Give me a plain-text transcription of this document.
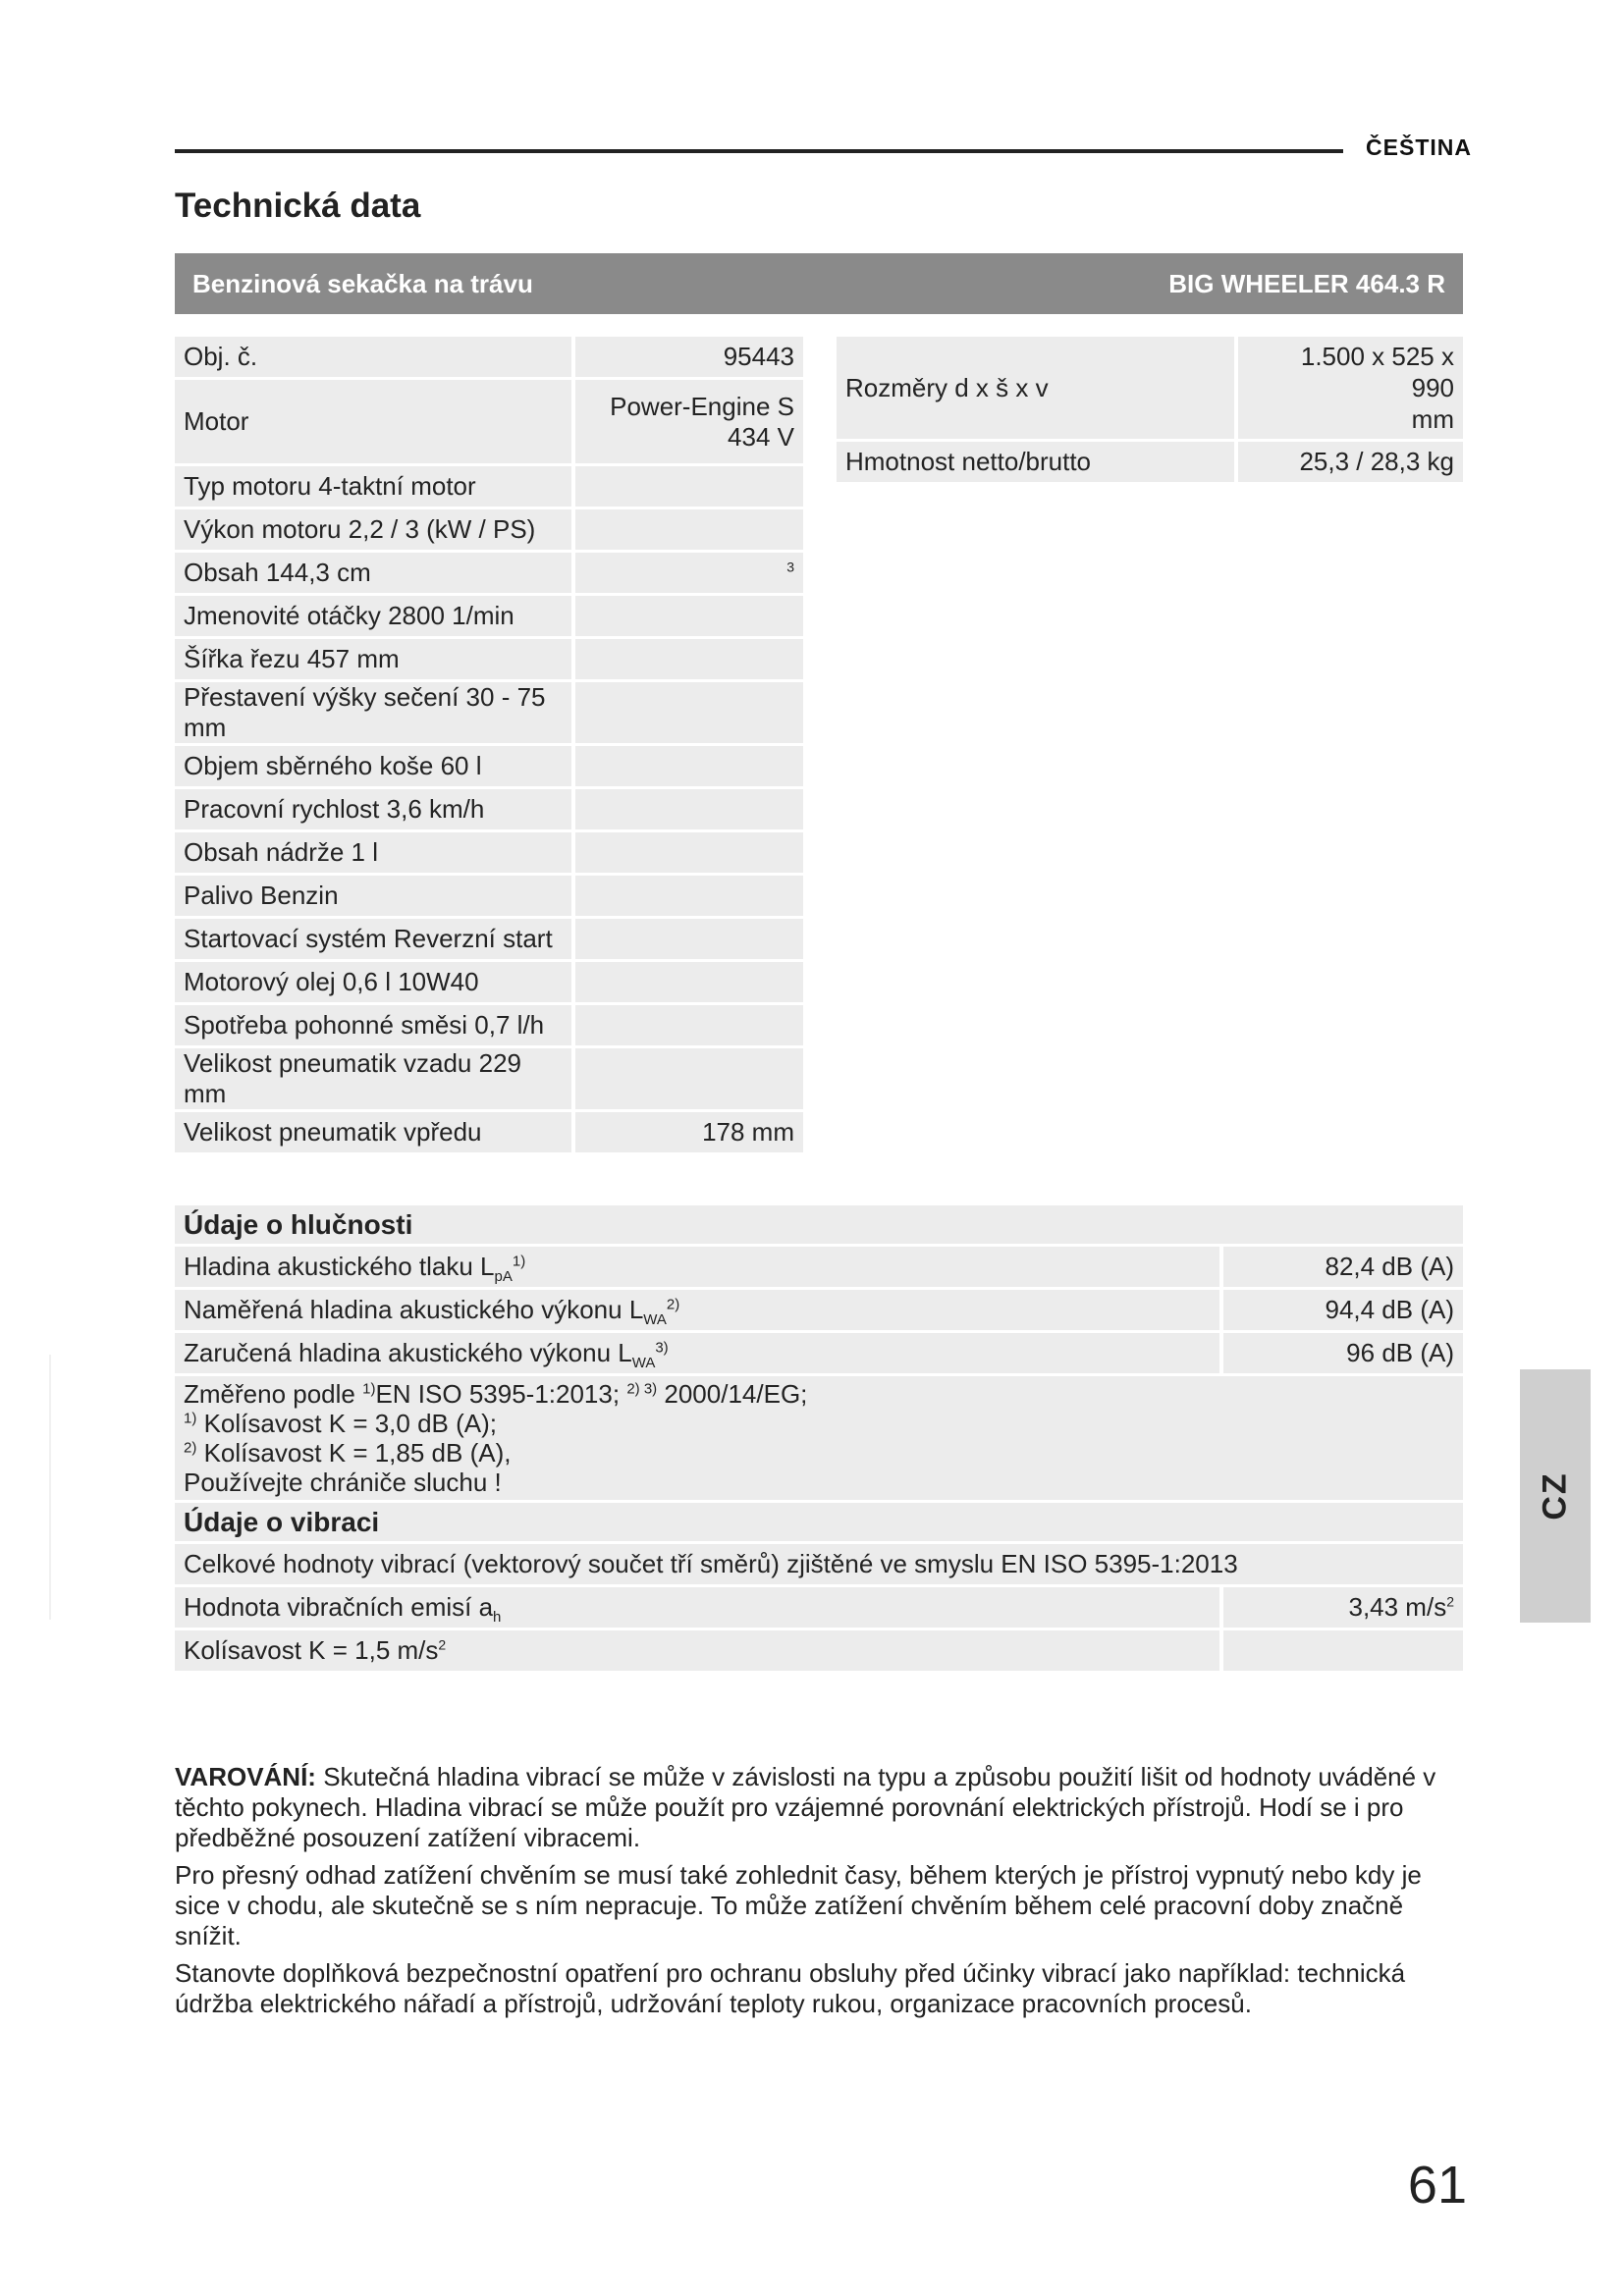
ČEŠTINA
Technická data
Benzinová sekačka na trávu	BIG WHEELER 464.3 R
Obj. č.	95443
Motor	Power-Engine S
434 V

Typ motoru 4-taktní motor	
Výkon motoru 2,2 / 3 (kW / PS)	
Obsah 144,3 cm	$^3$
Jmenovité otáčky 2800 1/min	
Šířka řezu 457 mm	
Přestavení výšky sečení 30 - 75 mm	
Objem sběrného koše 60 l	
Pracovní rychlost 3,6 km/h	
Obsah nádrže 1 l	
Palivo Benzin	
Startovací systém Reverzní start	
Motorový olej 0,6 l 10W40	
Spotřeba pohonné směsi 0,7 l/h	
Velikost pneumatik vzadu 229 mm	
Velikost pneumatik vpředu	178 mm
Rozměry d x š x v	1.500 x 525 x
990
mm

Hmotnost netto/brutto	25,3 / 28,3 kg
Údaje o hlučnosti	
Hladina akustického tlaku $L_{pA}^{1)}$	82,4 dB (A)
Naměřená hladina akustického výkonu $L_{WA}^{2)}$	94,4 dB (A)
Zaručená hladina akustického výkonu $L_{WA}^{3)}$	96 dB (A)

Změřeno podle $^{1)}$EN ISO 5395-1:2013; $^{2) 3)}$ 2000/14/EG;
$^{1)}$ Kolísavost K = 3,0 dB (A);
$^{2)}$ Kolísavost K = 1,85 dB (A),
Používejte chrániče sluchu !	

Údaje o vibraci	
Celkové hodnoty vibrací (vektorový součet tří směrů) zjištěné ve smyslu EN ISO 5395-1:2013	
Hodnota vibračních emisí $a_h$	3,43 $m/s^2$
Kolísavost K = 1,5 $m/s^2$	

VAROVÁNÍ: Skutečná hladina vibrací se může v závislosti na typu a způsobu použití lišit od hodnoty uváděné v těchto pokynech. Hladina vibrací se může použít pro vzájemné porovnání elektrických přístrojů. Hodí se i pro předběžné posouzení zatížení vibracemi.

Pro přesný odhad zatížení chvěním se musí také zohlednit časy, během kterých je přístroj vypnutý nebo kdy je sice v chodu, ale skutečně se s ním nepracuje. To může zatížení chvěním během celé pracovní doby značně snížit.

Stanovte doplňková bezpečnostní opatření pro ochranu obsluhy před účinky vibrací jako například: technická údržba elektrického nářadí a přístrojů, udržování teploty rukou, organizace pracovních procesů.

CZ
61
